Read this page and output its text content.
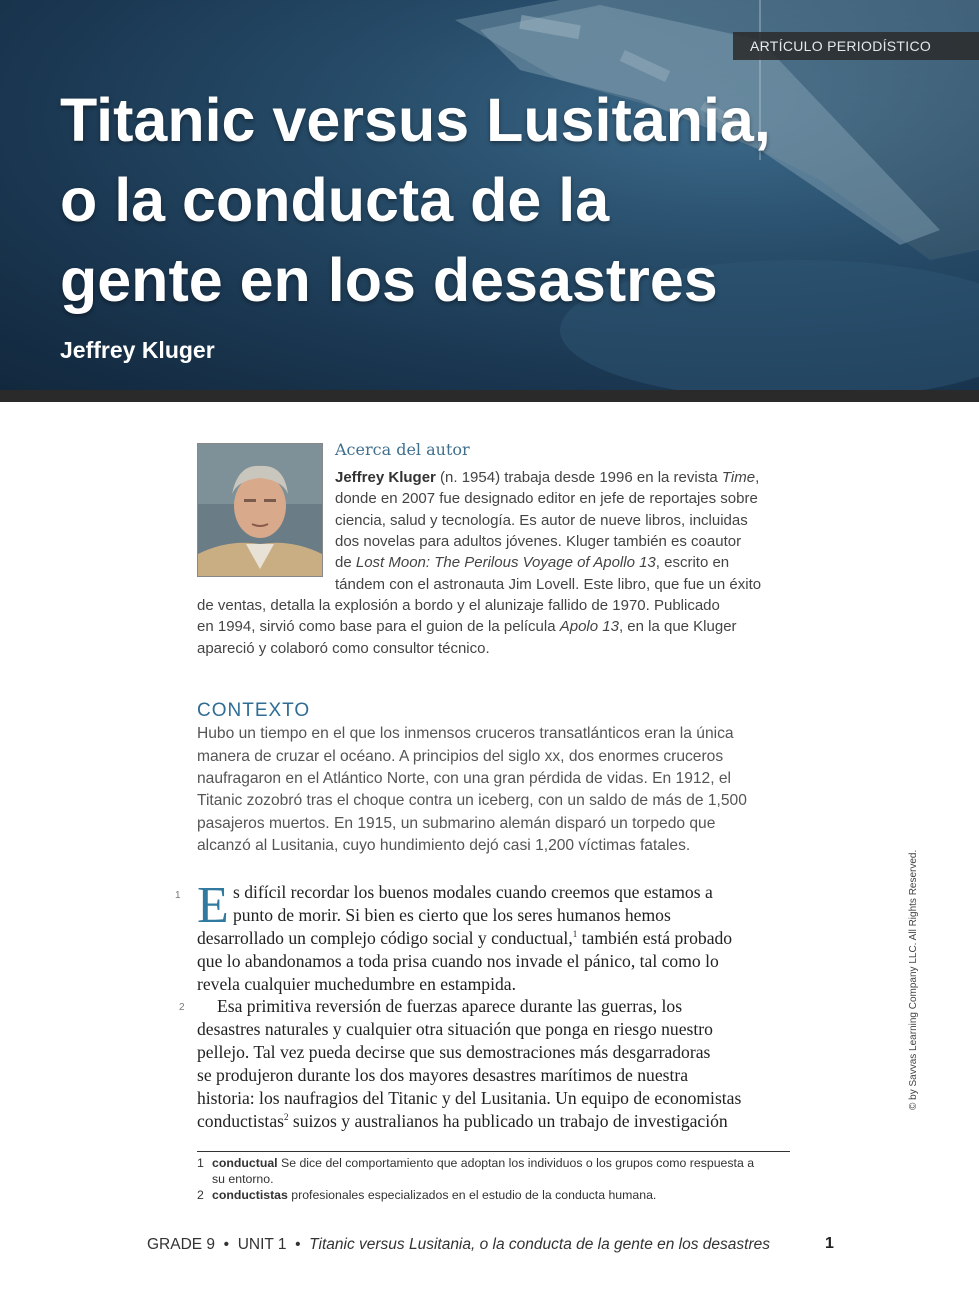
ARTÍCULO PERIODÍSTICO
Titanic versus Lusitania,
o la conducta de la
gente en los desastres
Jeffrey Kluger
Acerca del autor
Jeffrey Kluger (n. 1954) trabaja desde 1996 en la revista Time,
donde en 2007 fue designado editor en jefe de reportajes sobre
ciencia, salud y tecnología. Es autor de nueve libros, incluidas
dos novelas para adultos jóvenes. Kluger también es coautor
de Lost Moon: The Perilous Voyage of Apollo 13, escrito en
tándem con el astronauta Jim Lovell. Este libro, que fue un éxito
de ventas, detalla la explosión a bordo y el alunizaje fallido de 1970. Publicado
en 1994, sirvió como base para el guion de la película Apolo 13, en la que Kluger
apareció y colaboró como consultor técnico.
CONTEXTO
Hubo un tiempo en el que los inmensos cruceros transatlánticos eran la única
manera de cruzar el océano. A principios del siglo xx, dos enormes cruceros
naufragaron en el Atlántico Norte, con una gran pérdida de vidas. En 1912, el
Titanic zozobró tras el choque contra un iceberg, con un saldo de más de 1,500
pasajeros muertos. En 1915, un submarino alemán disparó un torpedo que
alcanzó al Lusitania, cuyo hundimiento dejó casi 1,200 víctimas fatales.
1 E s difícil recordar los buenos modales cuando creemos que estamos a
punto de morir. Si bien es cierto que los seres humanos hemos
desarrollado un complejo código social y conductual,$^1$ también está probado
que lo abandonamos a toda prisa cuando nos invade el pánico, tal como lo
revela cualquier muchedumbre en estampida.
2 Esa primitiva reversión de fuerzas aparece durante las guerras, los
desastres naturales y cualquier otra situación que ponga en riesgo nuestro
pellejo. Tal vez pueda decirse que sus demostraciones más desgarradoras
se produjeron durante los dos mayores desastres marítimos de nuestra
historia: los naufragios del Titanic y del Lusitania. Un equipo de economistas
conductistas$^2$ suizos y australianos ha publicado un trabajo de investigación
1 conductual Se dice del comportamiento que adoptan los individuos o los grupos como respuesta a
su entorno.
2 conductistas profesionales especializados en el estudio de la conducta humana.
© by Savvas Learning Company LLC. All Rights Reserved.
GRADE 9  •  UNIT 1  •  Titanic versus Lusitania, o la conducta de la gente en los desastres	1
